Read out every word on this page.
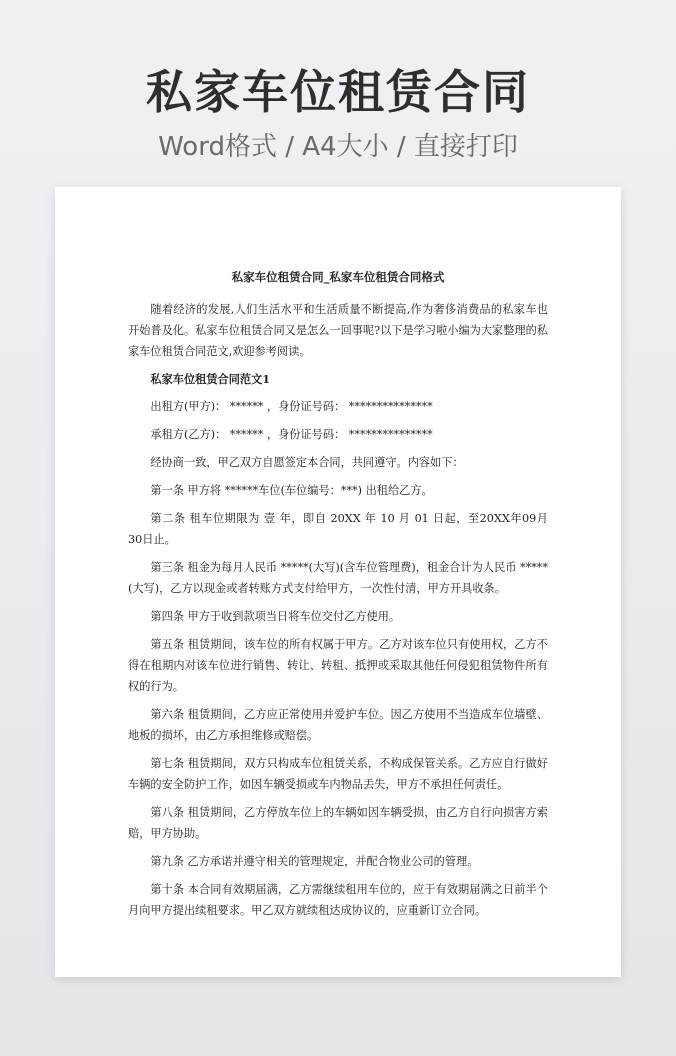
私家车位租赁合同
Word格式 / A4大小 / 直接打印
私家车位租赁合同_私家车位租赁合同格式

随着经济的发展,人们生活水平和生活质量不断提高,作为奢侈消费品的私家车也开始普及化。私家车位租赁合同又是怎么一回事呢?以下是学习啦小编为大家整理的私家车位租赁合同范文,欢迎参考阅读。

私家车位租赁合同范文1

出租方(甲方)： ****** ，身份证号码： ***************

承租方(乙方)： ****** ，身份证号码： ***************

经协商一致，甲乙双方自愿签定本合同，共同遵守。内容如下：

第一条 甲方将 ******车位(车位编号：***) 出租给乙方。

第二条 租车位期限为 壹 年，即自 20XX 年 10 月 01 日起，至20XX年09月 30日止。

第三条 租金为每月人民币 *****(大写)(含车位管理费)，租金合计为人民币 *****(大写)，乙方以现金或者转账方式支付给甲方，一次性付清，甲方开具收条。

第四条 甲方于收到款项当日将车位交付乙方使用。

第五条 租赁期间，该车位的所有权属于甲方。乙方对该车位只有使用权，乙方不得在租期内对该车位进行销售、转让、转租、抵押或采取其他任何侵犯租赁物件所有权的行为。

第六条 租赁期间，乙方应正常使用并爱护车位。因乙方使用不当造成车位墙壁、地板的损坏，由乙方承担维修或赔偿。

第七条 租赁期间，双方只构成车位租赁关系，不构成保管关系。乙方应自行做好车辆的安全防护工作，如因车辆受损或车内物品丢失，甲方不承担任何责任。

第八条 租赁期间，乙方停放车位上的车辆如因车辆受损，由乙方自行向损害方索赔，甲方协助。

第九条 乙方承诺并遵守相关的管理规定，并配合物业公司的管理。

第十条 本合同有效期届满，乙方需继续租用车位的，应于有效期届满之日前半个月向甲方提出续租要求。甲乙双方就续租达成协议的，应重新订立合同。
